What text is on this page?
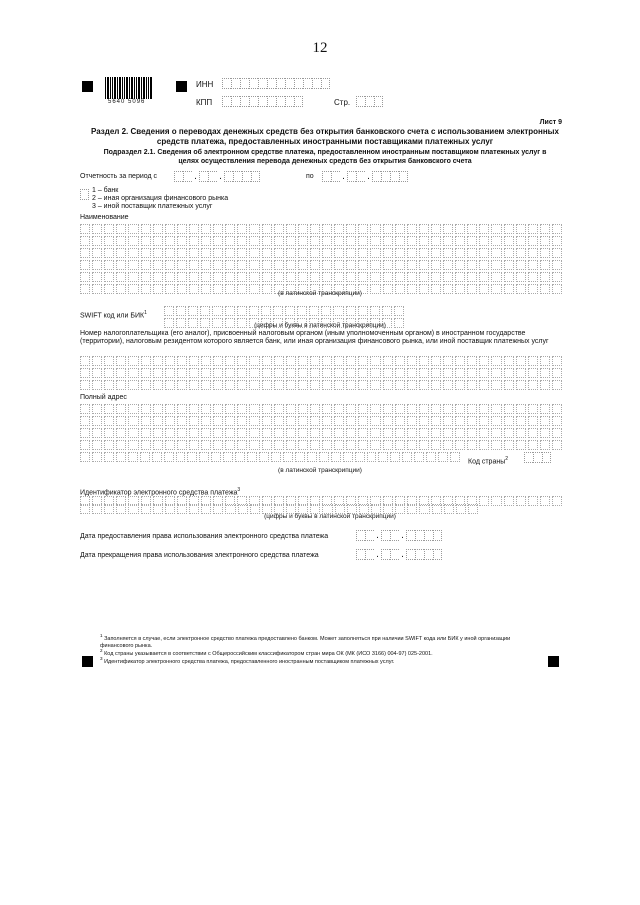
12
5640 5096
ИНН
КПП	Стр.
Лист 9
Раздел 2. Сведения о переводах денежных средств без открытия банковского счета с использованием электронных средств платежа, предоставленных иностранными поставщиками платежных услуг
Подраздел 2.1. Сведения об электронном средстве платежа, предоставленном иностранным поставщиком платежных услуг в целях осуществления перевода денежных средств без открытия банковского счета
Отчетность за период с	. .	по	. .
1 – банк
2 – иная организация финансового рынка
3 – иной поставщик платежных услуг
Наименование
(в латинской транскрипции)
SWIFT код или БИК$^1$
(цифры и буквы в латинской транскрипции)
Номер налогоплательщика (его аналог), присвоенный налоговым органом (иным уполномоченным органом) в иностранном государстве (территории), налоговым резидентом которого является банк, или иная организация финансового рынка, или иной поставщик платежных услуг
Полный адрес
Код страны$^2$
(в латинской транскрипции)
Идентификатор электронного средства платежа$^3$
(цифры и буквы в латинской транскрипции)
Дата предоставления права использования электронного средства платежа	. .
Дата прекращения права использования электронного средства платежа	. .
$^1$ Заполняется в случае, если электронное средство платежа предоставлено банком. Может заполняться при наличии SWIFT кода или БИК у иной организации финансового рынка.
$^2$ Код страны указывается в соответствии с Общероссийским классификатором стран мира ОК (МК (ИСО 3166) 004-97) 025-2001.
$^3$ Идентификатор электронного средства платежа, предоставленного иностранным поставщиком платежных услуг.
